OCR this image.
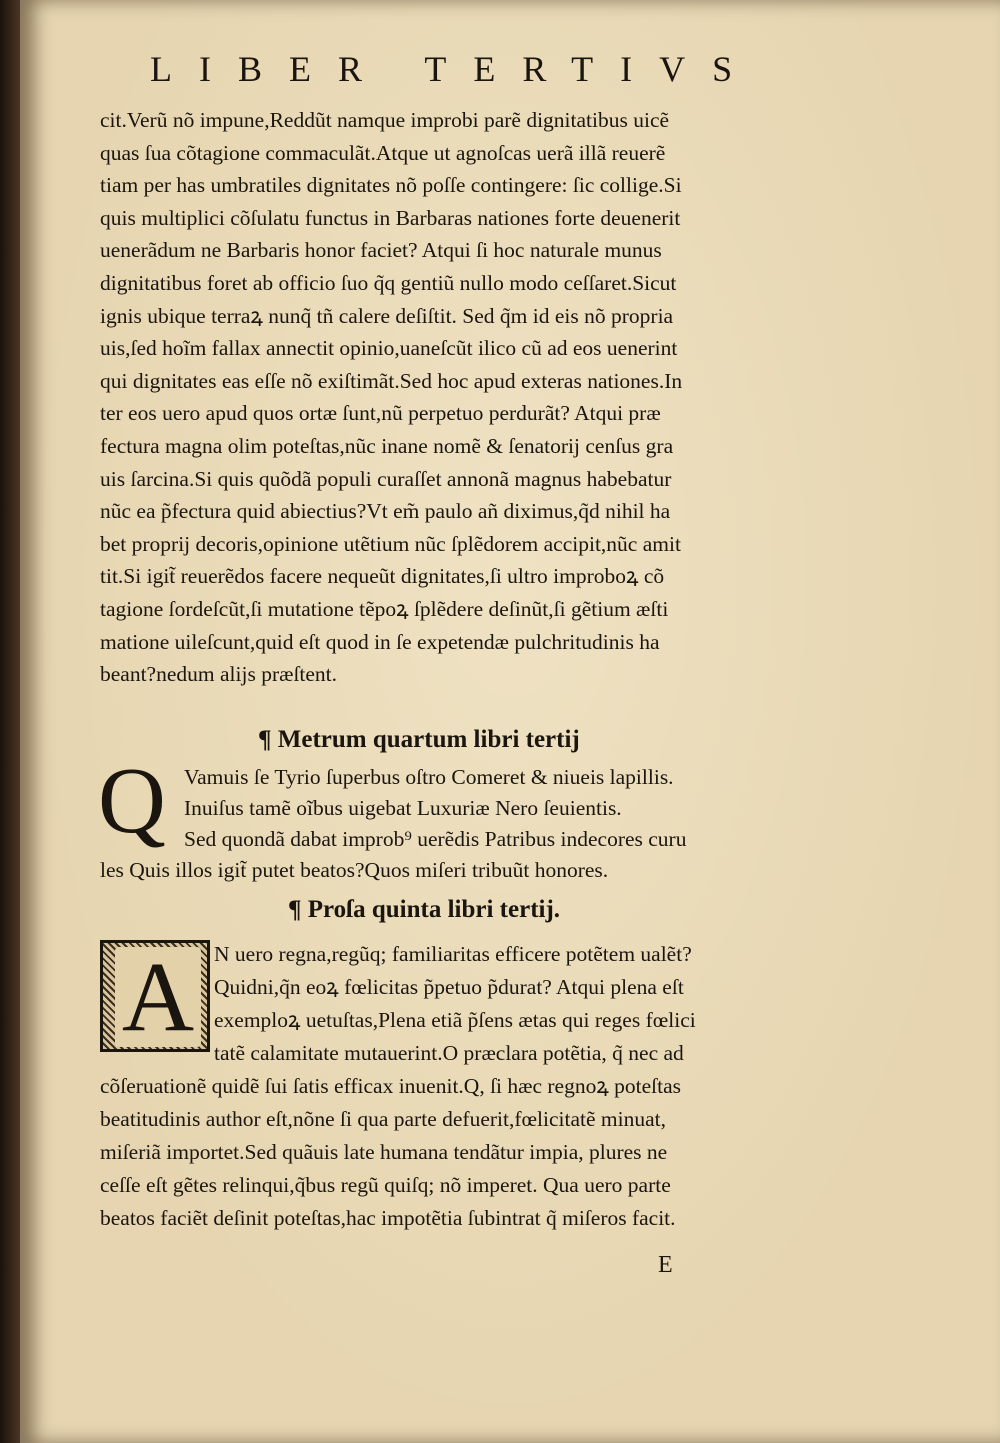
LIBER TERTIVS
cit.Verũ nõ impune,Reddũt namque improbi parẽ dignitatibus uicẽ
quas ſua cõtagione commaculãt.Atque ut agnoſcas uerã illã reuerẽ
tiam per has umbratiles dignitates nõ poſſe contingere: ſic collige.Si
quis multiplici cõſulatu functus in Barbaras nationes forte deuenerit
uenerãdum ne Barbaris honor faciet? Atqui ſi hoc naturale munus
dignitatibus foret ab officio ſuo q̃q gentiũ nullo modo ceſſaret.Sicut
ignis ubique terraꝝ nunq̃ tñ calere deſiſtit. Sed q̃m id eis nõ propria
uis,ſed hoĩm fallax annectit opinio,uaneſcũt ilico cũ ad eos uenerint
qui dignitates eas eſſe nõ exiſtimãt.Sed hoc apud exteras nationes.In
ter eos uero apud quos ortæ ſunt,nũ perpetuo perdurãt? Atqui præ
fectura magna olim poteſtas,nũc inane nomẽ & ſenatorij cenſus gra
uis ſarcina.Si quis quõdã populi curaſſet annonã magnus habebatur
nũc ea p̃fectura quid abiectius?Vt em̃ paulo añ diximus,q̃d nihil ha
bet proprij decoris,opinione utẽtium nũc ſplẽdorem accipit,nũc amit
tit.Si igit̃ reuerẽdos facere nequeũt dignitates,ſi ultro improboꝝ cõ
tagione ſordeſcũt,ſi mutatione tẽpoꝝ ſplẽdere deſinũt,ſi gẽtium æſti
matione uileſcunt,quid eſt quod in ſe expetendæ pulchritudinis ha
beant?nedum alijs præſtent.
¶ Metrum quartum libri tertij
Q Vamuis ſe Tyrio ſuperbus oſtro Comeret & niueis lapillis.
Inuiſus tamẽ oĩbus uigebat Luxuriæ Nero ſeuientis.
Sed quondã dabat improb⁹ uerẽdis Patribus indecores curu
les Quis illos igit̃ putet beatos?Quos miſeri tribuũt honores.
¶ Proſa quinta libri tertij.
A N uero regna,regũq; familiaritas efficere potẽtem ualẽt?
Quidni,q̃n eoꝝ fœlicitas p̃petuo p̃durat? Atqui plena eſt
exemploꝝ uetuſtas,Plena etiã p̃ſens ætas qui reges fœlici
tatẽ calamitate mutauerint.O præclara potẽtia, q̃ nec ad
cõſeruationẽ quidẽ ſui ſatis efficax inuenit.Q, ſi hæc regnoꝝ poteſtas
beatitudinis author eſt,nõne ſi qua parte defuerit,fœlicitatẽ minuat,
miſeriã importet.Sed quãuis late humana tendãtur impia, plures ne
ceſſe eſt gẽtes relinqui,q̃bus regũ quiſq; nõ imperet. Qua uero parte
beatos faciẽt deſinit poteſtas,hac impotẽtia ſubintrat q̃ miſeros facit.
E
